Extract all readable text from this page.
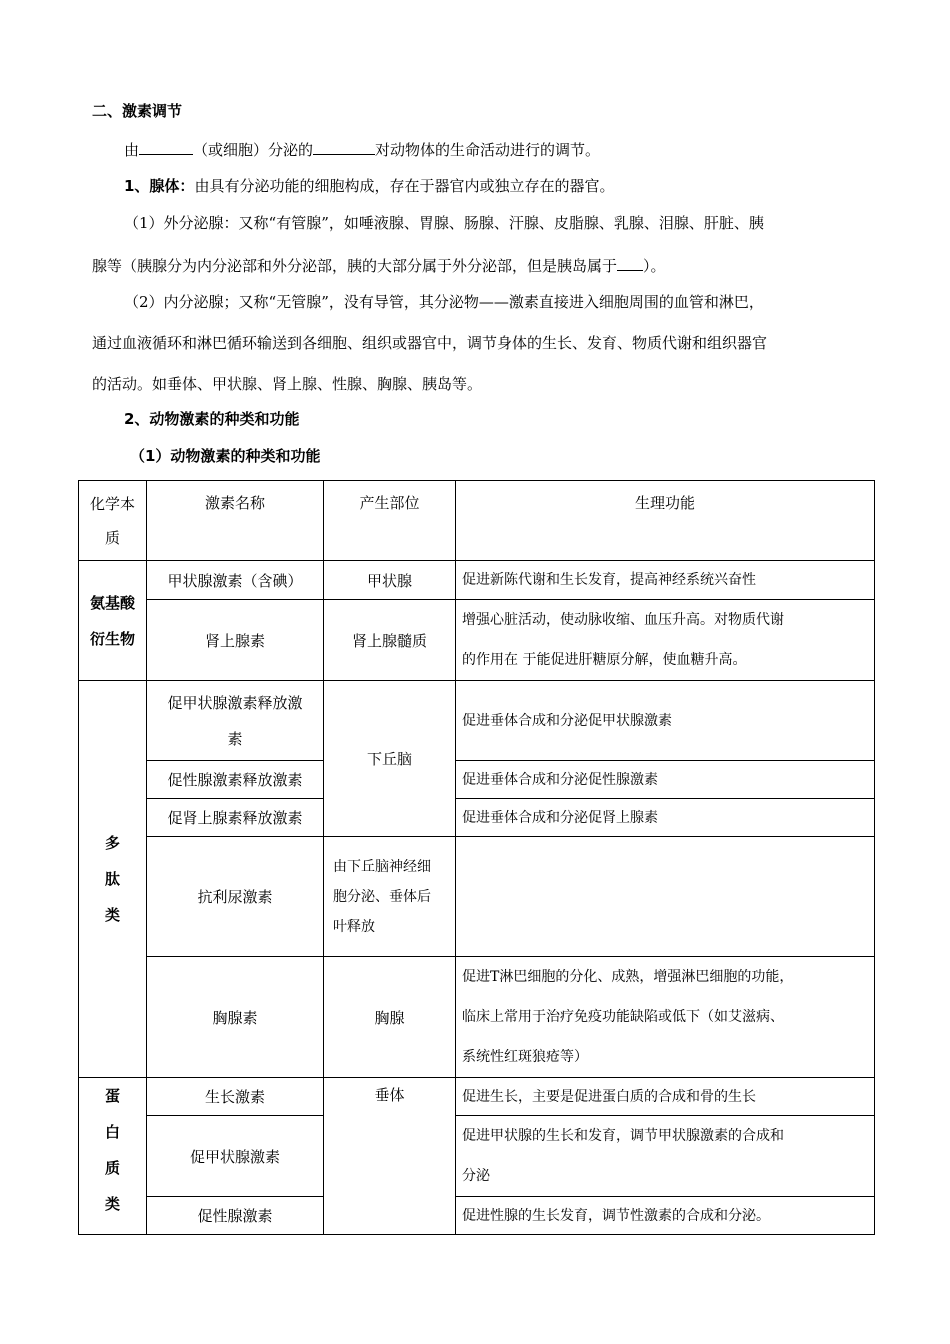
二、激素调节
由	（或细胞）分泌的	对动物体的生命活动进行的调节。
1、腺体：由具有分泌功能的细胞构成，存在于器官内或独立存在的器官。
（1）外分泌腺：又称“有管腺”，如唾液腺、胃腺、肠腺、汗腺、皮脂腺、乳腺、泪腺、肝脏、胰
腺等（胰腺分为内分泌部和外分泌部，胰的大部分属于外分泌部，但是胰岛属于 ）。
（2）内分泌腺；又称“无管腺”，没有导管，其分泌物——激素直接进入细胞周围的血管和淋巴，
通过血液循环和淋巴循环输送到各细胞、组织或器官中，调节身体的生长、发育、物质代谢和组织器官
的活动。如垂体、甲状腺、肾上腺、性腺、胸腺、胰岛等。
2、动物激素的种类和功能
（1）动物激素的种类和功能
化学本
质	激素名称	产生部位	生理功能
氨基酸
衍生物	甲状腺激素（含碘）	甲状腺	促进新陈代谢和生长发育，提高神经系统兴奋性
	肾上腺素	肾上腺髓质	增强心脏活动，使动脉收缩、血压升高。对物质代谢
的作用在 于能促进肝糖原分解，使血糖升高。
多
肽
类	促甲状腺激素释放激
素	下丘脑	促进垂体合成和分泌促甲状腺激素
	促性腺激素释放激素		促进垂体合成和分泌促性腺激素
	促肾上腺素释放激素		促进垂体合成和分泌促肾上腺素
	抗利尿激素	由下丘脑神经细
胞分泌、垂体后
叶释放	
	胸腺素	胸腺	促进T淋巴细胞的分化、成熟，增强淋巴细胞的功能，
临床上常用于治疗免疫功能缺陷或低下（如艾滋病、
系统性红斑狼疮等）
蛋
白
质
类	生长激素	垂体	促进生长，主要是促进蛋白质的合成和骨的生长
	促甲状腺激素		促进甲状腺的生长和发育，调节甲状腺激素的合成和
分泌
	促性腺激素		促进性腺的生长发育，调节性激素的合成和分泌。
